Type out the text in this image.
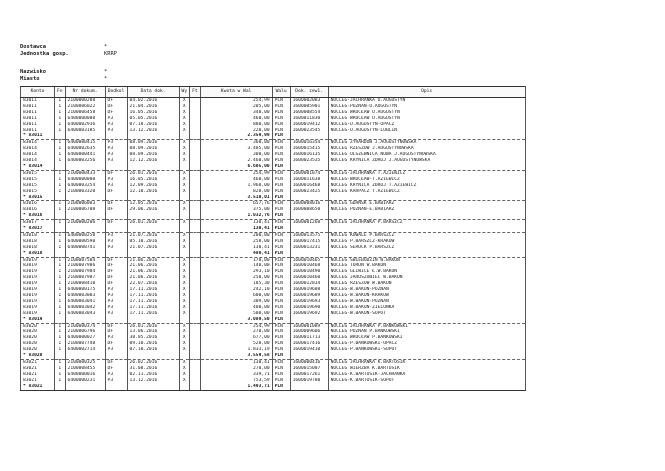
Dostawca	*
Jednostka gosp.	KRRP
Nazwisko	*
Miasto	*
Konto	Fn	Nr dokum.	Dodkol	Data dok.	Wy	Ft	Kwota w Wal	Walu	Dok. zew1.	Opis
83011	1	2100000288	DF	04.02.2016	X		254,99	PLN	1600002083	NOCLEG-JACHRANKA U.AUGUSTYN
83011	1	2100006022	DF	21.04.2016	X		205,00	PLN	1600005901	NOCLEG-POZNAŃ-U.AUGUSTYN
83011	1	2100006458	DF	16.05.2016	X		340,00	PLN	1600008554	NOCLEG WROCŁAW U.AUGUSTYN
83011	1	6400000080	P3	05.05.2016	X		460,00	PLN	1600011830	NOCLEG WROCŁAW U.AUGUSTYN
83011	1	6400002936	P3	07.10.2016	X		880,00	PLN	1600019412	NOCLEG-U.AUGUSTYN-OPACZ
83011	1	6400003185	P3	13.12.2016	X		220,00	PLN	1600023545	NOCLEG-U.AUGUSTYN-LUBLIN
* 83011							2.359,99	PLN		
83014	1	6400000415	P3	08.09.2016	X		360,00	PLN	1600016354	NOCLEG ŻYRARDÓW J.AUGUSTYNOWSKA
83014	1	6400002635	P3	08.09.2016	X		3.485,00	PLN	1600015415	NOCLEG RZESZÓW J.AUGUSTYNOWSKA
83014	1	6400000441	P3	08.09.2016	X		300,00	PLN	1600016135	NOCLEG OLSZEWNICA NOWA J.AUGUSTYNOWSKA
83014	1	6400003256	P3	12.12.2016	X		2.460,00	PLN	1600023535	NOCLEG KRYNICA ZDRÓJ J.AUGUSTYNOWSKA
* 83014							6.605,00	PLN		
83015	1	2100000433	DF	26.01.2016	X		254,99	PLN	1600001874	NOCLEG-JACHRANKA T.AZIEWICZ
83015	1	6400000080	P3	16.05.2016	X		460,00	PLN	1600011638	NOCLEG-WROCŁAW-T.AZIEWICZ
83015	1	6400003254	P3	12.09.2016	X		1.968,00	PLN	1600016468	NOCLEG KRYNICA ZDRÓJ T.AZIEWICZ
83015	1	2100003320	DF	12.10.2016	X		828,00	PLN	1600023425	NOCLEG KARPACZ T.AZIEWICZ
* 83015							3.510,01	PLN		
83016	1	2100006083	DF	12.05.2016	X		657,76	PLN	1600008016	NOCLEG GDAŃSK E.BABIARZ
83016	1	2100006708	DF	29.06.2016	X		375,00	PLN	1600008650	NOCLEG POZNAŃ-E.BABIARZ
* 83016							1.032,76	PLN		
83017	1	2100000206	DF	26.01.2016	X		130,41	PLN	1600001268	NOCLEG JACHRANKA P.BARSZCZ
* 83017							130,41	PLN		
83018	1	6400000250	P3	21.07.2016	X		200,00	PLN	1600013575	NOCLEG KOWALE P.BARSZCZ
83018	1	6400000590	P3	05.10.2016	X		250,00	PLN	1600017415	NOCLEG P.BARSZCZ-KRAKÓW
83018	1	6400000741	P3	21.07.2016	X		130,41	PLN	1600013231	NOCLEG SEROCK P.BARSZCZ
* 83018							480,41	PLN		
83019	1	2100007504	DF	21.06.2016	X		170,00	PLN	1600010465	NOCLEG ŚWIEBODZIN W.BAKUN
83019	1	2100007986	DF	21.06.2016	X		140,00	PLN	1600010468	NOCLEG TORUŃ W.BAKUN
83019	1	2100007984	DF	21.06.2016	X		293,10	PLN	1600010490	NOCLEG GLIWICE Ł.W.BAKUN
83019	1	2100007987	DF	21.06.2016	X		250,00	PLN	1600010460	NOCLEG JAROSZOWIEC W.BAKUN
83019	1	2100008410	DF	22.07.2016	X		185,30	PLN	1600012834	NOCLEG RZESZÓW W.BAKUN
83019	1	6400000175	P3	17.11.2016	X		242,10	PLN	1600019680	NOCLEG-W.BAKUN-POZNAŃ
83019	1	6400003003	P3	17.11.2016	X		600,00	PLN	1600019689	NOCLEG-W.BAKUN-KRAKÓW
83019	1	6400003041	P3	17.11.2016	X		309,00	PLN	1600019693	NOCLEG-W.BAKUN-POZNAŃ
83019	1	6400003042	P3	17.11.2016	X		400,00	PLN	1600019690	NOCLEG-W.BAKUN-ZIELONKA
83019	1	6400003043	P3	17.11.2016	X		500,00	PLN	1600019692	NOCLEG-W.BAKUN-SOPOT
* 83019							3.089,50	PLN		
83020	1	2100000374	DF	26.01.2016	X		254,99	PLN	1600001089	NOCLEG JACHRANKA P.BAŃKOWSKI
83020	1	2100006796	DF	13.06.2016	X		270,00	PLN	1600009606	NOCLEG POZNAŃ P.BAŃKOWSKI
83020	1	6400000027	P3	30.05.2016	X		677,00	PLN	1600011713	NOCLEG WROCŁAW P.BAŃKOWSKI
83020	1	2100007740	DF	09.10.2016	X		528,00	PLN	1600017416	NOCLEG-P.BAŃKOWSKI-OPACZ
83020	1	6400002714	P3	07.10.2016	X		1.833,19	PLN	1600019410	NOCLEG-P.BAŃKOWSKI-SOPOT
* 83020							3.559,58	PLN		
83021	1	2100000325	DF	26.02.2016	X		130,41	PLN	1600000416	NOCLEG JACHRANKA K.BARTOSIK
83021	1	2100008455	DF	31.08.2016	X		270,00	PLN	1600015007	NOCLEG WIERZBA K.BARTOSIK
83021	1	6400000016	P3	02.11.2016	X		339,71	PLN	1600017261	NOCLEG-K.BARTOSIK-JACHRANKA
83021	1	6400000231	P3	13.12.2016	X		753,59	PLN	1600019780	NOCLEG-K.BARTOSIK-SOPOT
* 83021							1.493,71	PLN		
